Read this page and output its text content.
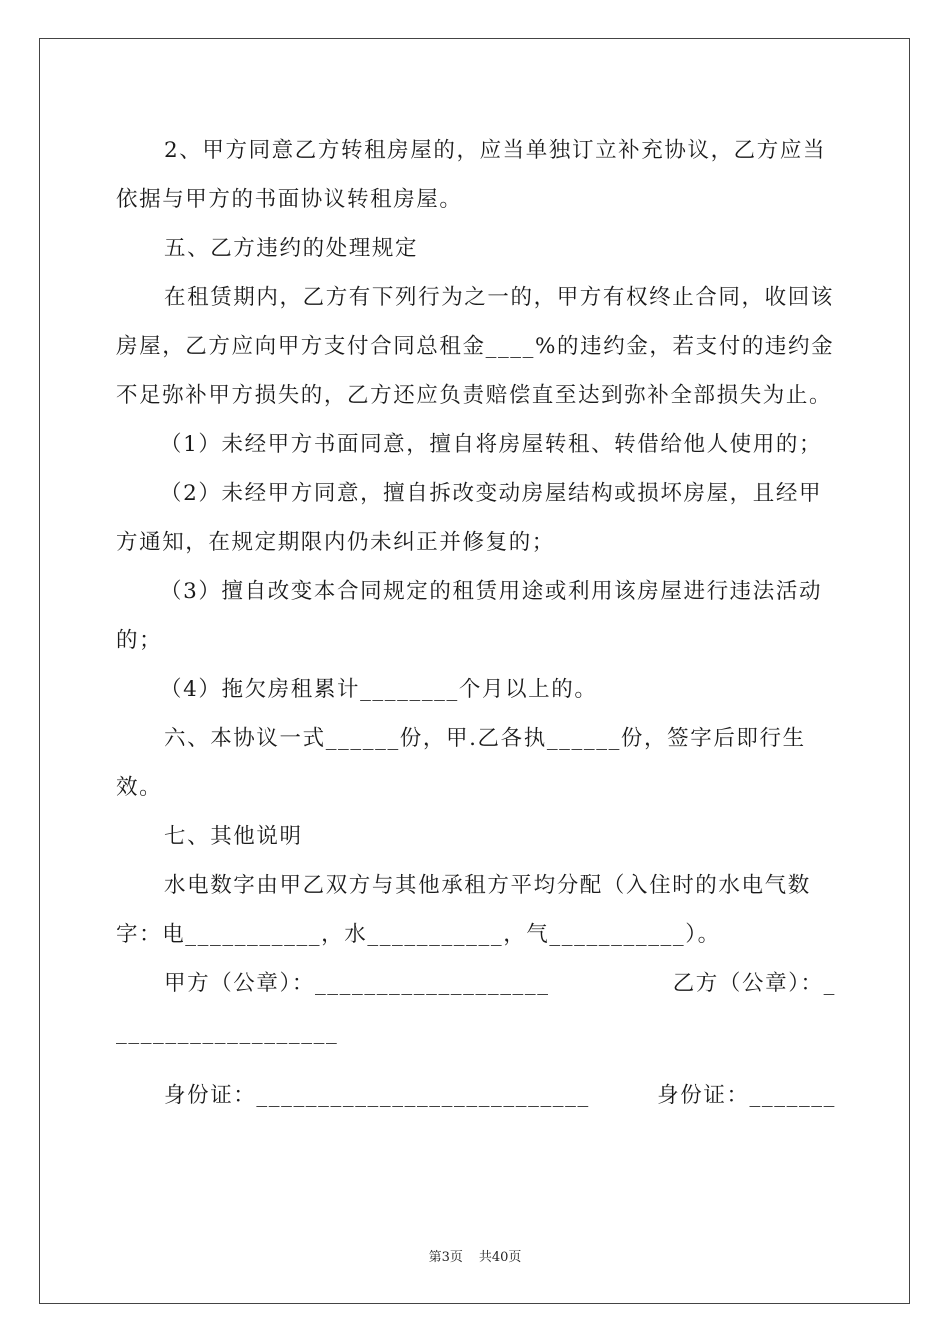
2、甲方同意乙方转租房屋的，应当单独订立补充协议，乙方应当依据与甲方的书面协议转租房屋。

五、乙方违约的处理规定

在租赁期内，乙方有下列行为之一的，甲方有权终止合同，收回该房屋，乙方应向甲方支付合同总租金____%的违约金，若支付的违约金不足弥补甲方损失的，乙方还应负责赔偿直至达到弥补全部损失为止。

（1）未经甲方书面同意，擅自将房屋转租、转借给他人使用的；

（2）未经甲方同意，擅自拆改变动房屋结构或损坏房屋，且经甲方通知，在规定期限内仍未纠正并修复的；

（3）擅自改变本合同规定的租赁用途或利用该房屋进行违法活动的；

（4）拖欠房租累计________个月以上的。

六、本协议一式______份，甲.乙各执______份，签字后即行生效。

七、其他说明

水电数字由甲乙双方与其他承租方平均分配（入住时的水电气数字：电___________，水___________，气___________）。

甲方（公章）：___________________	乙方（公章）：_
__________________
身份证：___________________________	身份证：_______
第3页 共40页
